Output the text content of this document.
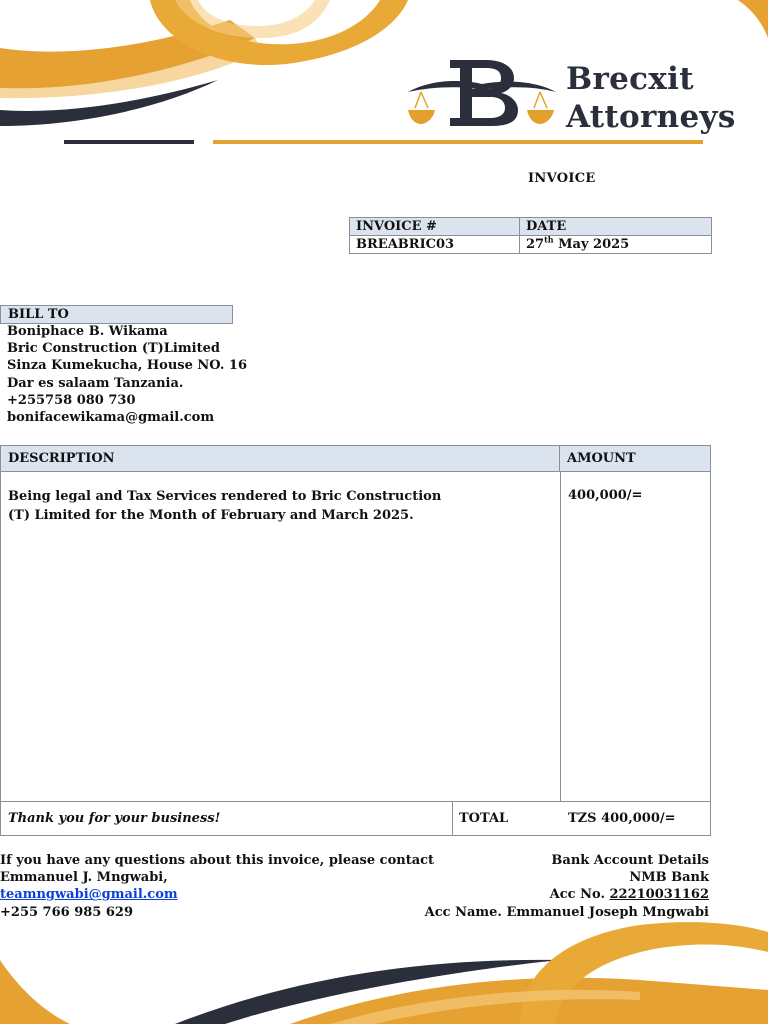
Brecxit
Attorneys
INVOICE
INVOICE #	DATE
BREABRIC03	27th May 2025
BILL TO
Boniphace B. Wikama
Bric Construction (T)Limited
Sinza Kumekucha, House NO. 16
Dar es salaam Tanzania.
+255758 080 730
bonifacewikama@gmail.com
DESCRIPTION	AMOUNT
Being legal and Tax Services rendered to Bric Construction
(T) Limited for the Month of February and March 2025.
400,000/=
Thank you for your business!	TOTAL	TZS 400,000/=
If you have any questions about this invoice, please contact
Emmanuel J. Mngwabi,
teamngwabi@gmail.com
+255 766 985 629
Bank Account Details
NMB Bank
Acc No. 22210031162
Acc Name. Emmanuel Joseph Mngwabi
